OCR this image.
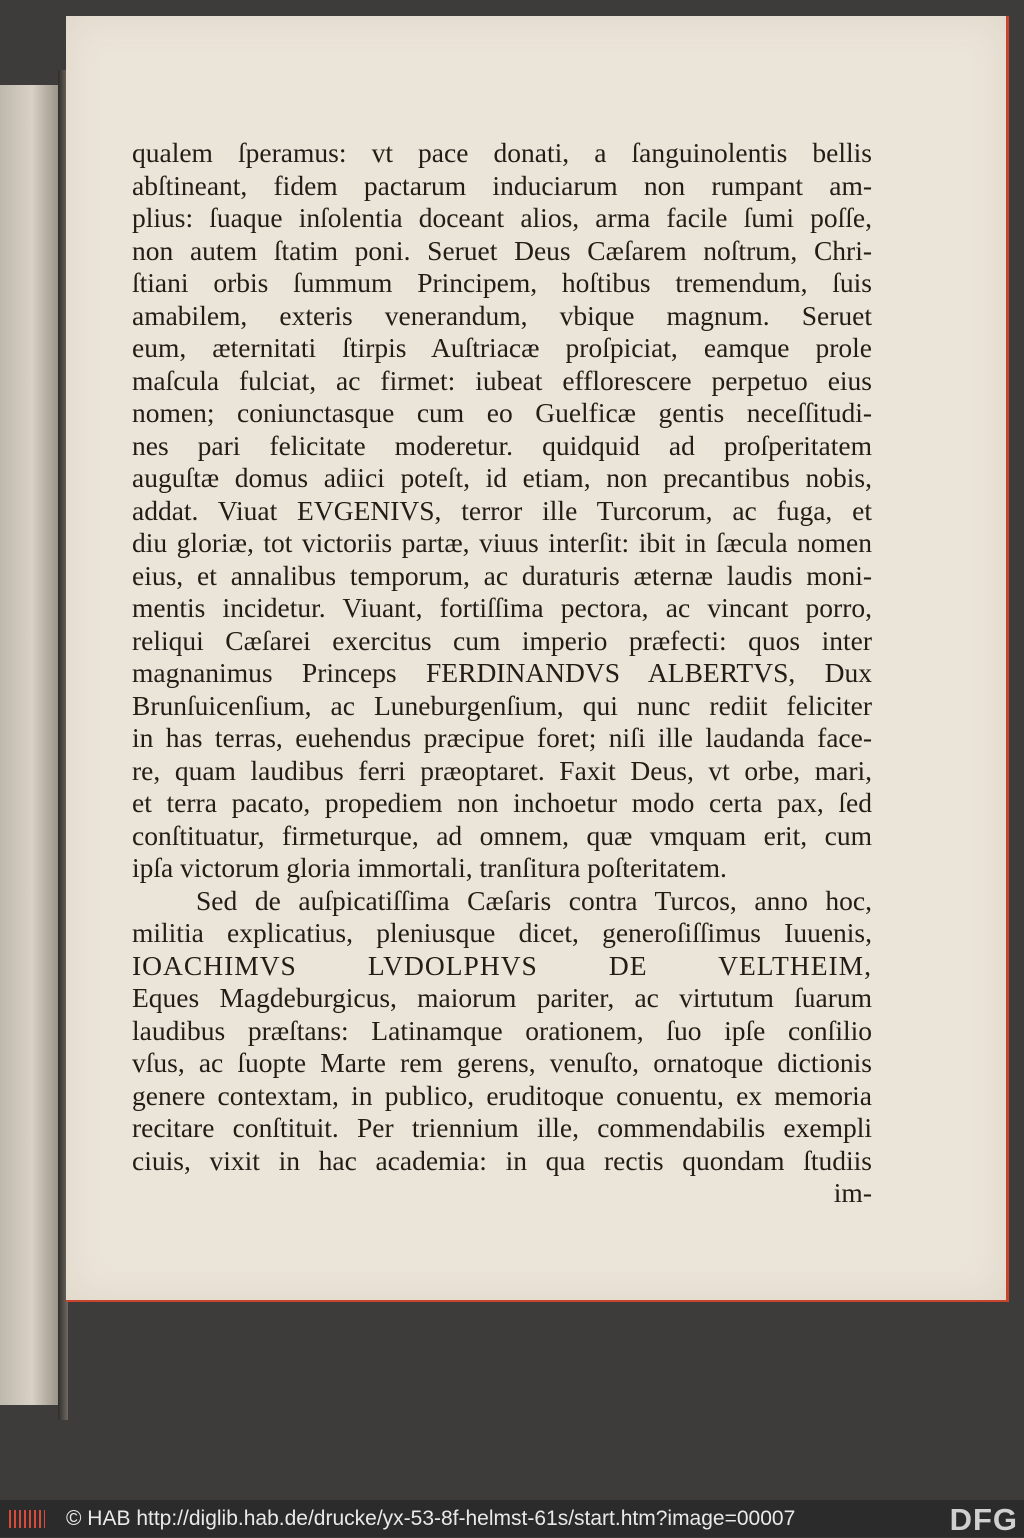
qualem ſperamus: vt pace donati, a ſanguinolentis bellis
abſtineant, fidem pactarum induciarum non rumpant am-
plius: ſuaque inſolentia doceant alios, arma facile ſumi poſſe,
non autem ſtatim poni. Seruet Deus Cæſarem noſtrum, Chri-
ſtiani orbis ſummum Principem, hoſtibus tremendum, ſuis
amabilem, exteris venerandum, vbique magnum. Seruet
eum, æternitati ſtirpis Auſtriacæ proſpiciat, eamque prole
maſcula fulciat, ac firmet: iubeat efflorescere perpetuo eius
nomen; coniunctasque cum eo Guelficæ gentis neceſſitudi-
nes pari felicitate moderetur. quidquid ad proſperitatem
auguſtæ domus adiici poteſt, id etiam, non precantibus nobis,
addat. Viuat EVGENIVS, terror ille Turcorum, ac fuga, et
diu gloriæ, tot victoriis partæ, viuus interſit: ibit in ſæcula nomen
eius, et annalibus temporum, ac duraturis æternæ laudis moni-
mentis incidetur. Viuant, fortiſſima pectora, ac vincant porro,
reliqui Cæſarei exercitus cum imperio præfecti: quos inter
magnanimus Princeps FERDINANDVS ALBERTVS, Dux
Brunſuicenſium, ac Luneburgenſium, qui nunc rediit feliciter
in has terras, euehendus præcipue foret; niſi ille laudanda face-
re, quam laudibus ferri præoptaret. Faxit Deus, vt orbe, mari,
et terra pacato, propediem non inchoetur modo certa pax, ſed
conſtituatur, firmeturque, ad omnem, quæ vmquam erit, cum
ipſa victorum gloria immortali, tranſitura poſteritatem.
Sed de auſpicatiſſima Cæſaris contra Turcos, anno hoc,
militia explicatius, pleniusque dicet, generoſiſſimus Iuuenis,
IOACHIMVS LVDOLPHVS DE VELTHEIM,
Eques Magdeburgicus, maiorum pariter, ac virtutum ſuarum
laudibus præſtans: Latinamque orationem, ſuo ipſe conſilio
vſus, ac ſuopte Marte rem gerens, venuſto, ornatoque dictionis
genere contextam, in publico, eruditoque conuentu, ex memoria
recitare conſtituit. Per triennium ille, commendabilis exempli
ciuis, vixit in hac academia: in qua rectis quondam ſtudiis
im-
© HAB http://diglib.hab.de/drucke/yx-53-8f-helmst-61s/start.htm?image=00007	DFG
